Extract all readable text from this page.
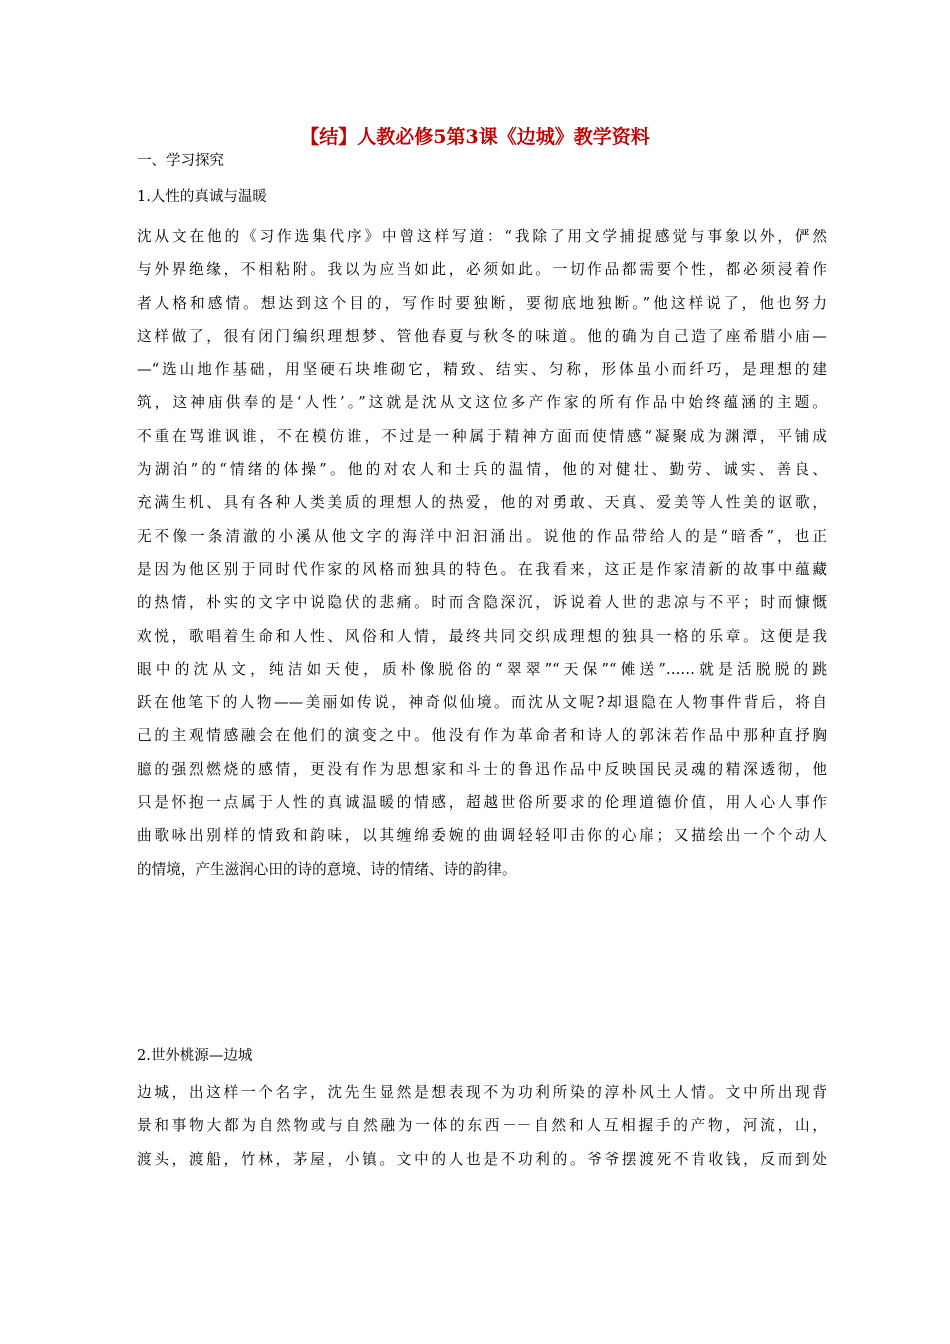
【结】人教必修5第3课《边城》教学资料
一、学习探究
1.人性的真诚与温暖
沈从文在他的《习作选集代序》中曾这样写道：“我除了用文学捕捉感觉与事象以外，俨然
与外界绝缘，不相粘附。我以为应当如此，必须如此。一切作品都需要个性，都必须浸着作
者人格和感情。想达到这个目的，写作时要独断，要彻底地独断。”他这样说了，他也努力
这样做了，很有闭门编织理想梦、管他春夏与秋冬的味道。他的确为自己造了座希腊小庙—
—“选山地作基础，用坚硬石块堆砌它，精致、结实、匀称，形体虽小而纤巧，是理想的建
筑，这神庙供奉的是‘人性’。”这就是沈从文这位多产作家的所有作品中始终蕴涵的主题。
不重在骂谁讽谁，不在模仿谁，不过是一种属于精神方面而使情感“凝聚成为渊潭，平铺成
为湖泊”的“情绪的体操”。他的对农人和士兵的温情，他的对健壮、勤劳、诚实、善良、
充满生机、具有各种人类美质的理想人的热爱，他的对勇敢、天真、爱美等人性美的讴歌，
无不像一条清澈的小溪从他文字的海洋中汩汩涌出。说他的作品带给人的是“暗香”，也正
是因为他区别于同时代作家的风格而独具的特色。在我看来，这正是作家清新的故事中蕴藏
的热情，朴实的文字中说隐伏的悲痛。时而含隐深沉，诉说着人世的悲凉与不平；时而慷慨
欢悦，歌唱着生命和人性、风俗和人情，最终共同交织成理想的独具一格的乐章。这便是我
眼中的沈从文，纯洁如天使，质朴像脱俗的“翠翠”“天保”“傩送”……就是活脱脱的跳
跃在他笔下的人物——美丽如传说，神奇似仙境。而沈从文呢?却退隐在人物事件背后，将自
己的主观情感融会在他们的演变之中。他没有作为革命者和诗人的郭沫若作品中那种直抒胸
臆的强烈燃烧的感情，更没有作为思想家和斗士的鲁迅作品中反映国民灵魂的精深透彻，他
只是怀抱一点属于人性的真诚温暖的情感，超越世俗所要求的伦理道德价值，用人心人事作
曲歌咏出别样的情致和韵味，以其缠绵委婉的曲调轻轻叩击你的心扉；又描绘出一个个动人
的情境，产生滋润心田的诗的意境、诗的情绪、诗的韵律。
2.世外桃源—边城
边城，出这样一个名字，沈先生显然是想表现不为功利所染的淳朴风土人情。文中所出现背
景和事物大都为自然物或与自然融为一体的东西－－自然和人互相握手的产物，河流，山，
渡头，渡船，竹林，茅屋，小镇。文中的人也是不功利的。爷爷摆渡死不肯收钱，反而到处
